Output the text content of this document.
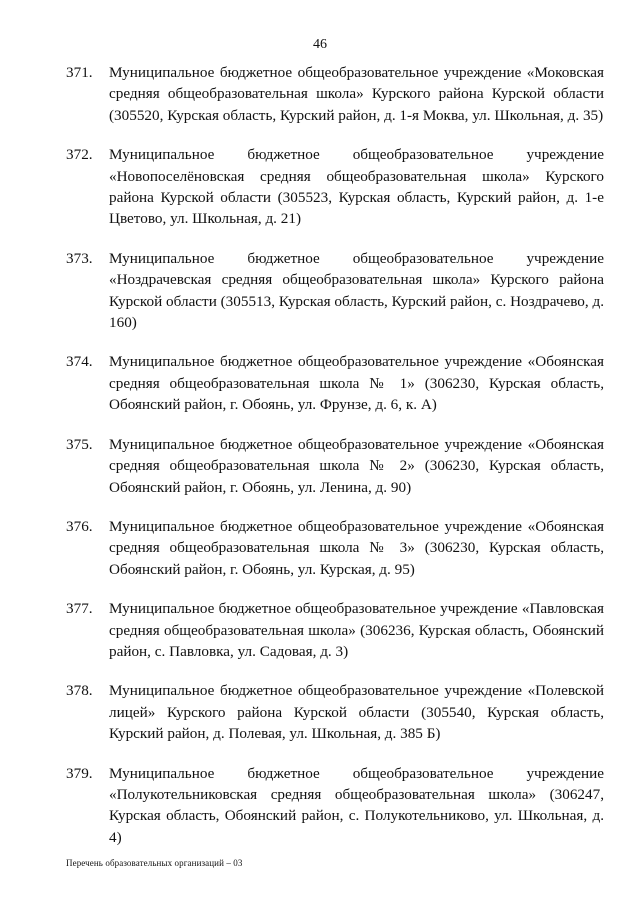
46
371. Муниципальное бюджетное общеобразовательное учреждение «Моковская средняя общеобразовательная школа» Курского района Курской области (305520, Курская область, Курский район, д. 1-я Моква, ул. Школьная, д. 35)
372. Муниципальное бюджетное общеобразовательное учреждение «Новопоселёновская средняя общеобразовательная школа» Курского района Курской области (305523, Курская область, Курский район, д. 1-е Цветово, ул. Школьная, д. 21)
373. Муниципальное бюджетное общеобразовательное учреждение «Ноздрачевская средняя общеобразовательная школа» Курского района Курской области (305513, Курская область, Курский район, с. Ноздрачево, д. 160)
374. Муниципальное бюджетное общеобразовательное учреждение «Обоянская средняя общеобразовательная школа № 1» (306230, Курская область, Обоянский район, г. Обоянь, ул. Фрунзе, д. 6, к. А)
375. Муниципальное бюджетное общеобразовательное учреждение «Обоянская средняя общеобразовательная школа № 2» (306230, Курская область, Обоянский район, г. Обоянь, ул. Ленина, д. 90)
376. Муниципальное бюджетное общеобразовательное учреждение «Обоянская средняя общеобразовательная школа № 3» (306230, Курская область, Обоянский район, г. Обоянь, ул. Курская, д. 95)
377. Муниципальное бюджетное общеобразовательное учреждение «Павловская средняя общеобразовательная школа» (306236, Курская область, Обоянский район, с. Павловка, ул. Садовая, д. 3)
378. Муниципальное бюджетное общеобразовательное учреждение «Полевской лицей» Курского района Курской области (305540, Курская область, Курский район, д. Полевая, ул. Школьная, д. 385 Б)
379. Муниципальное бюджетное общеобразовательное учреждение «Полукотельниковская средняя общеобразовательная школа» (306247, Курская область, Обоянский район, с. Полукотельниково, ул. Школьная, д. 4)
Перечень образовательных организаций – 03
